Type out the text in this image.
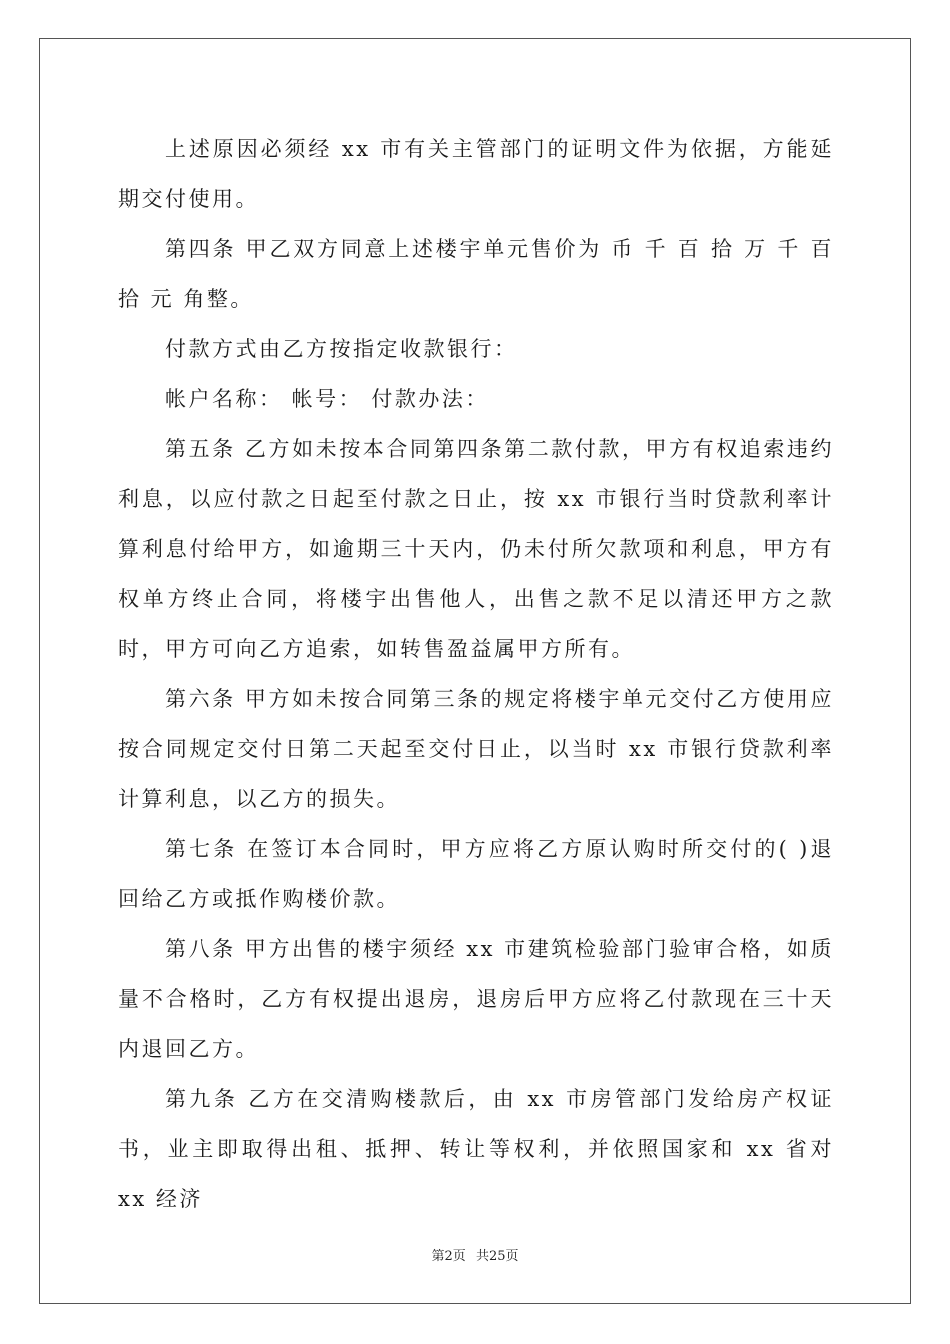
上述原因必须经 xx 市有关主管部门的证明文件为依据，方能延期交付使用。

第四条 甲乙双方同意上述楼宇单元售价为 币 千 百 拾 万 千 百 拾 元 角整。

付款方式由乙方按指定收款银行：

帐户名称： 帐号： 付款办法：

第五条 乙方如未按本合同第四条第二款付款，甲方有权追索违约利息，以应付款之日起至付款之日止，按 xx 市银行当时贷款利率计算利息付给甲方，如逾期三十天内，仍未付所欠款项和利息，甲方有权单方终止合同，将楼宇出售他人，出售之款不足以清还甲方之款时，甲方可向乙方追索，如转售盈益属甲方所有。

第六条 甲方如未按合同第三条的规定将楼宇单元交付乙方使用应按合同规定交付日第二天起至交付日止，以当时 xx 市银行贷款利率计算利息，以乙方的损失。

第七条 在签订本合同时，甲方应将乙方原认购时所交付的( )退回给乙方或抵作购楼价款。

第八条 甲方出售的楼宇须经 xx 市建筑检验部门验审合格，如质量不合格时，乙方有权提出退房，退房后甲方应将乙付款现在三十天内退回乙方。

第九条 乙方在交清购楼款后，由 xx 市房管部门发给房产权证书，业主即取得出租、抵押、转让等权利，并依照国家和 xx 省对 xx 经济

第2页 共25页
